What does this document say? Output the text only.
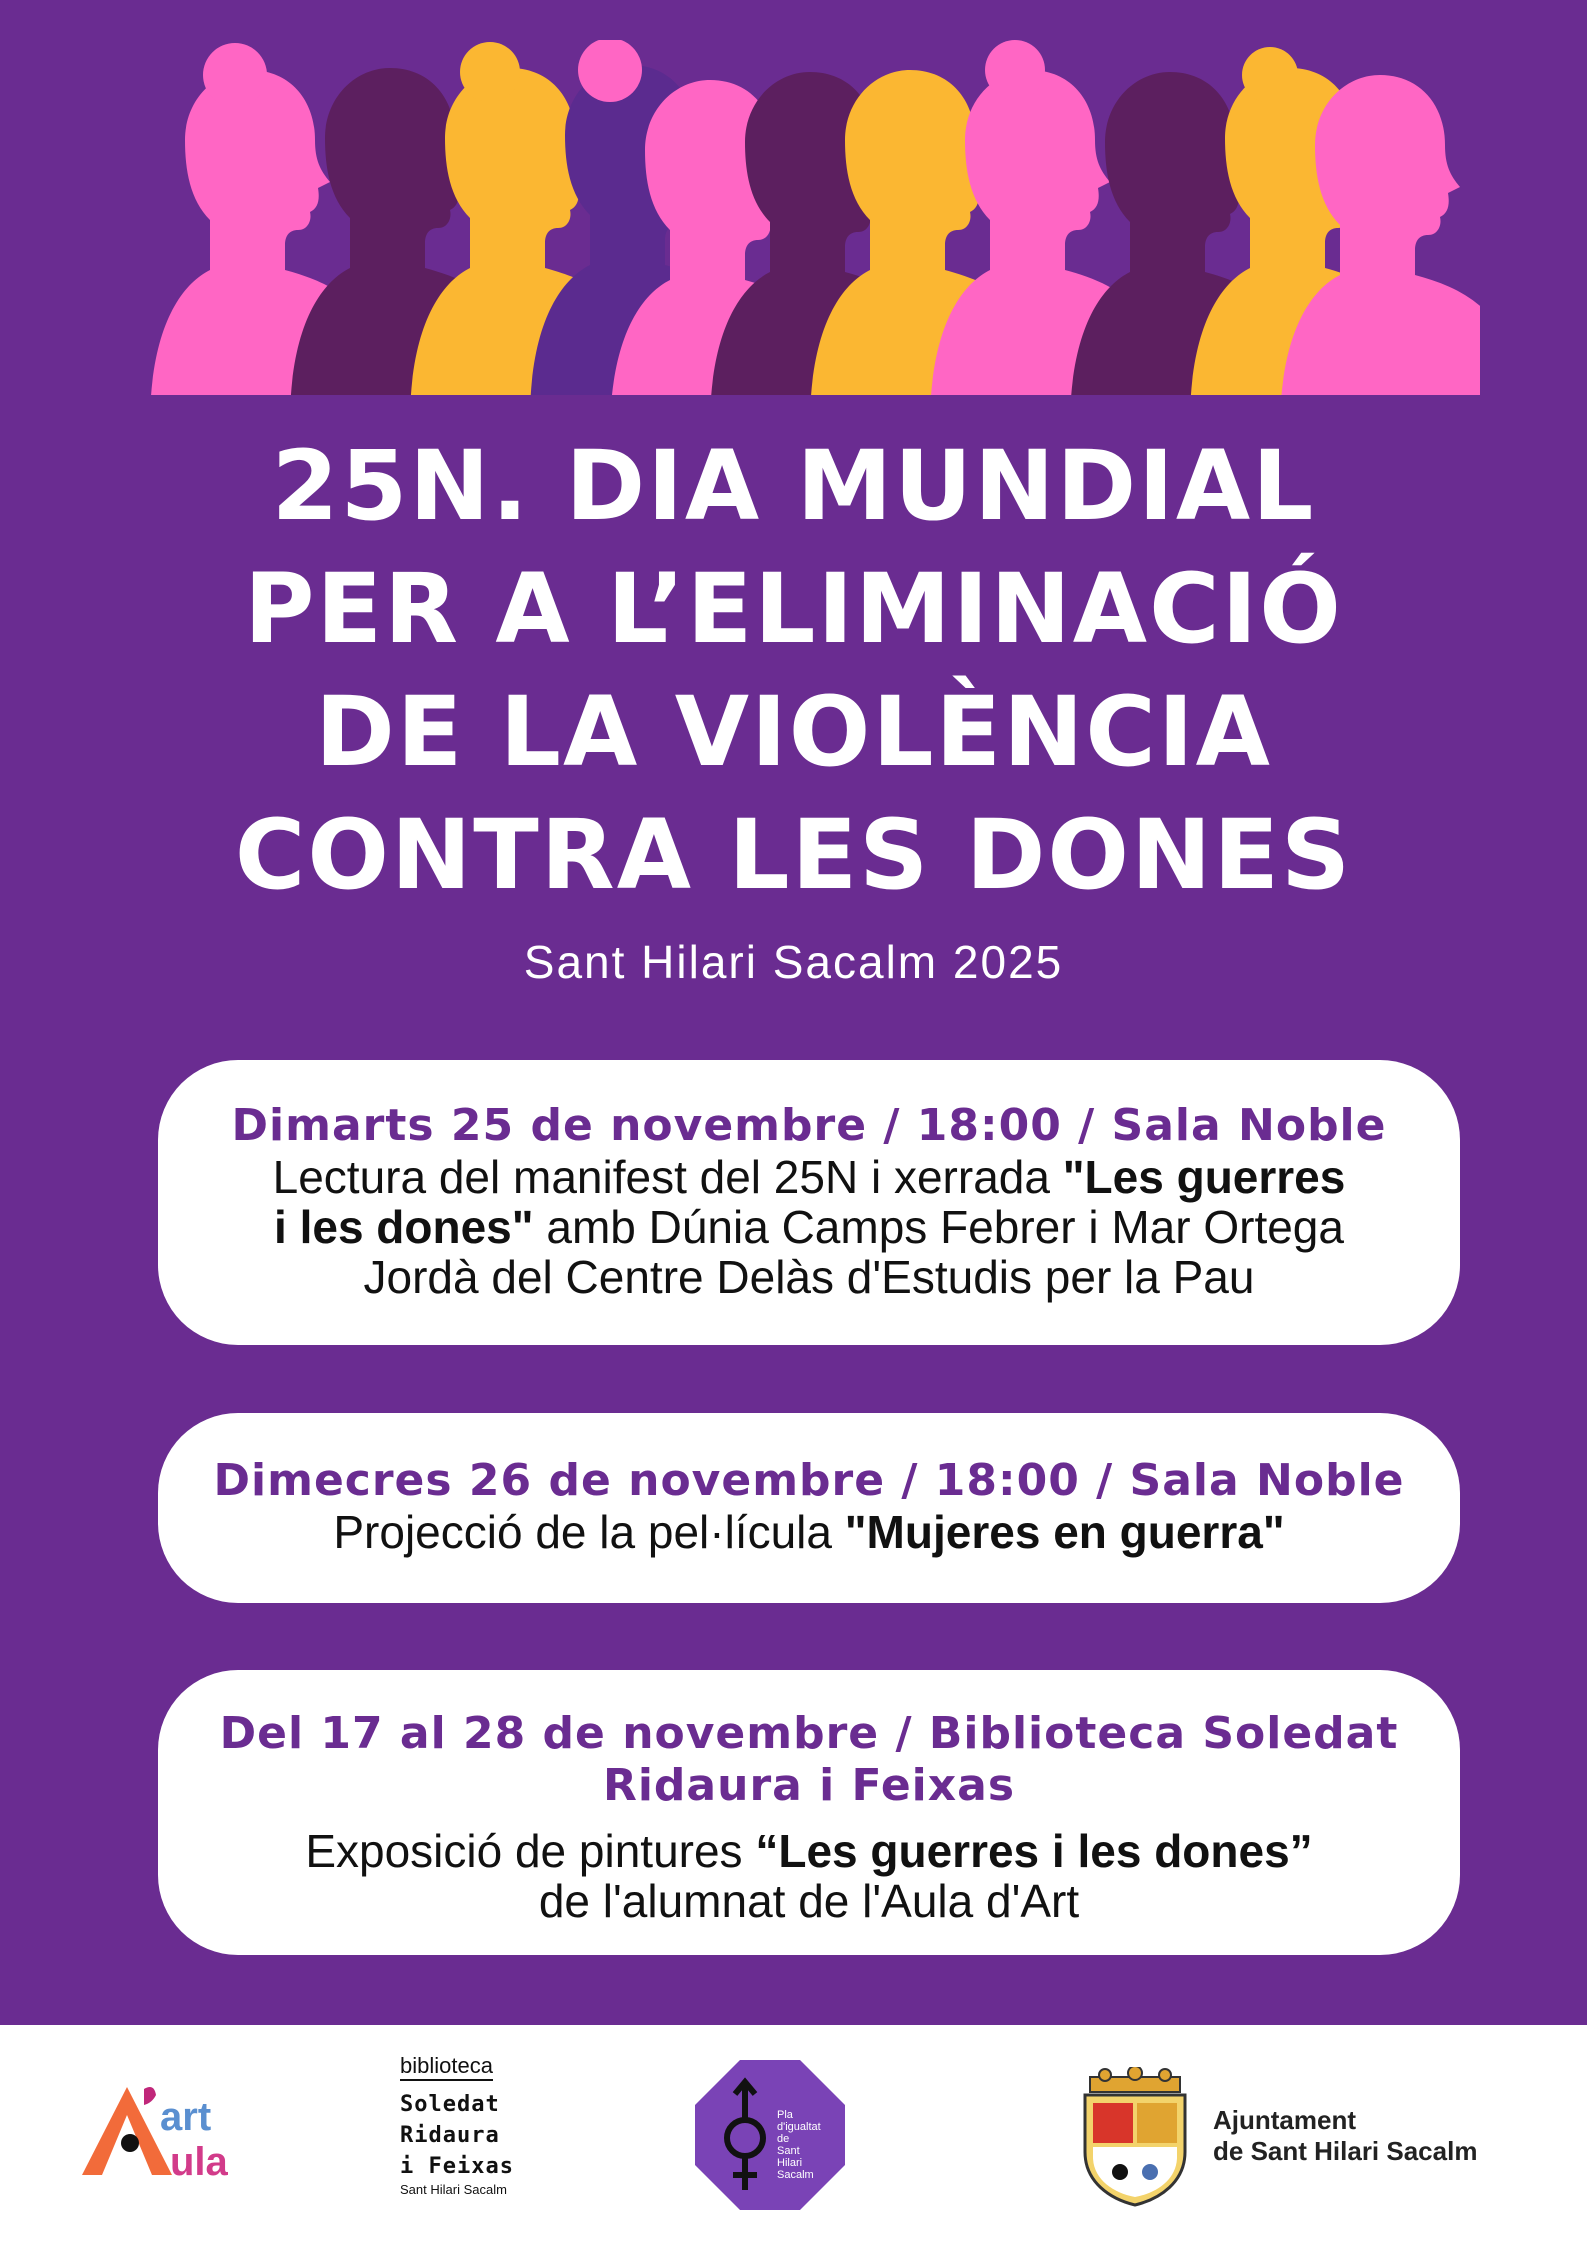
25N. DIA MUNDIAL
PER A L’ELIMINACIÓ
DE LA VIOLÈNCIA
CONTRA LES DONES
Sant Hilari Sacalm 2025
Dimarts 25 de novembre / 18:00 / Sala Noble
Lectura del manifest del 25N i xerrada "Les guerres
i les dones" amb Dúnia Camps Febrer i Mar Ortega
Jordà del Centre Delàs d'Estudis per la Pau
Dimecres 26 de novembre / 18:00 / Sala Noble
Projecció de la pel·lícula "Mujeres en guerra"
Del 17 al 28 de novembre / Biblioteca Soledat
Ridaura i Feixas
Exposició de pintures “Les guerres i les dones”
de l'alumnat de l'Aula d'Art
art
ula
biblioteca
Soledat
Ridaura
i Feixas
Sant Hilari Sacalm
Pla
d'igualtat
de
Sant
Hilari
Sacalm
Ajuntament
de Sant Hilari Sacalm
